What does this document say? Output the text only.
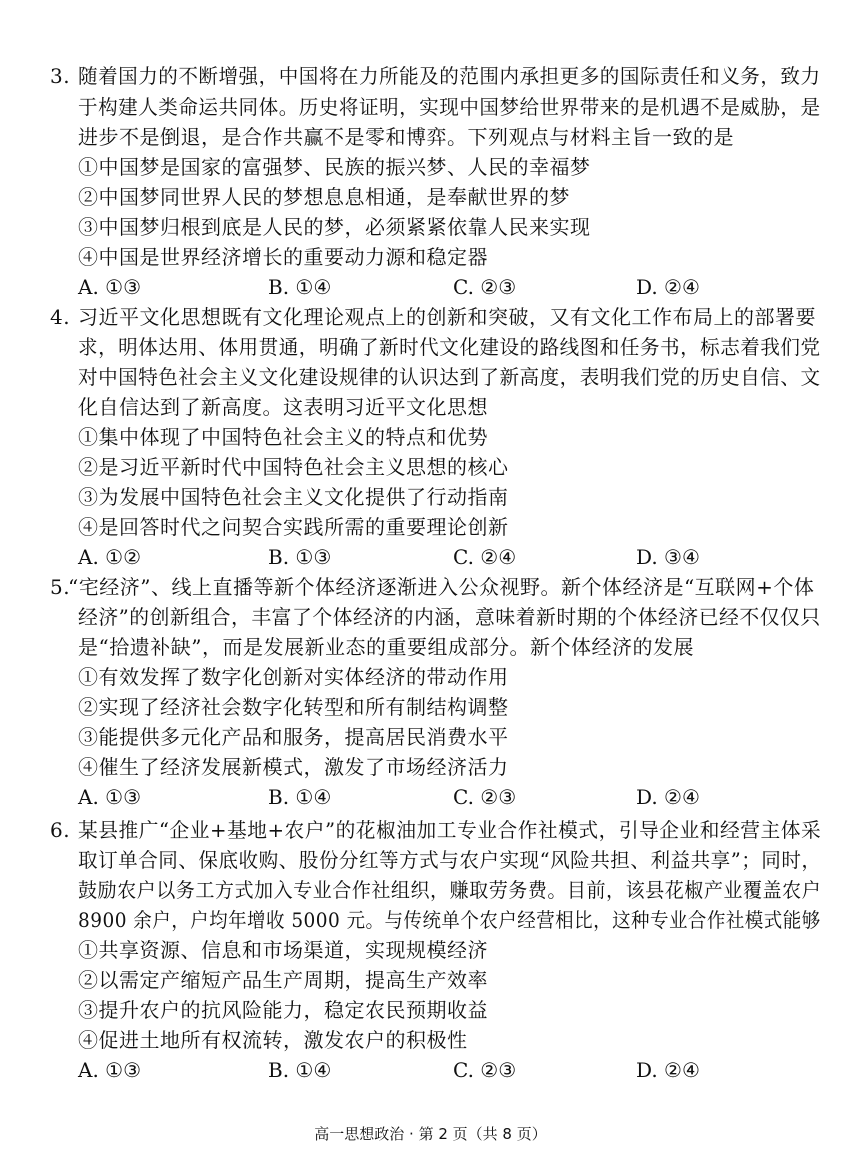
3. 随着国力的不断增强，中国将在力所能及的范围内承担更多的国际责任和义务，致力
于构建人类命运共同体。历史将证明，实现中国梦给世界带来的是机遇不是威胁，是
进步不是倒退，是合作共赢不是零和博弈。下列观点与材料主旨一致的是
①中国梦是国家的富强梦、民族的振兴梦、人民的幸福梦
②中国梦同世界人民的梦想息息相通，是奉献世界的梦
③中国梦归根到底是人民的梦，必须紧紧依靠人民来实现
④中国是世界经济增长的重要动力源和稳定器
A. ①③	B. ①④	C. ②③	D. ②④
4. 习近平文化思想既有文化理论观点上的创新和突破，又有文化工作布局上的部署要
求，明体达用、体用贯通，明确了新时代文化建设的路线图和任务书，标志着我们党
对中国特色社会主义文化建设规律的认识达到了新高度，表明我们党的历史自信、文
化自信达到了新高度。这表明习近平文化思想
①集中体现了中国特色社会主义的特点和优势
②是习近平新时代中国特色社会主义思想的核心
③为发展中国特色社会主义文化提供了行动指南
④是回答时代之问契合实践所需的重要理论创新
A. ①②	B. ①③	C. ②④	D. ③④
5.
“宅经济”、线上直播等新个体经济逐渐进入公众视野。新个体经济是“互联网+个体
经济”的创新组合，丰富了个体经济的内涵，意味着新时期的个体经济已经不仅仅只
是“拾遗补缺”，而是发展新业态的重要组成部分。新个体经济的发展
①有效发挥了数字化创新对实体经济的带动作用
②实现了经济社会数字化转型和所有制结构调整
③能提供多元化产品和服务，提高居民消费水平
④催生了经济发展新模式，激发了市场经济活力
A. ①③	B. ①④	C. ②③	D. ②④
6. 某县推广“企业+基地+农户”的花椒油加工专业合作社模式，引导企业和经营主体采
取订单合同、保底收购、股份分红等方式与农户实现“风险共担、利益共享”；同时，
鼓励农户以务工方式加入专业合作社组织，赚取劳务费。目前，该县花椒产业覆盖农户
8900 余户，户均年增收 5000 元。与传统单个农户经营相比，这种专业合作社模式能够
①共享资源、信息和市场渠道，实现规模经济
②以需定产缩短产品生产周期，提高生产效率
③提升农户的抗风险能力，稳定农民预期收益
④促进土地所有权流转，激发农户的积极性
A. ①③	B. ①④	C. ②③	D. ②④
高一思想政治 · 第 2 页（共 8 页）
